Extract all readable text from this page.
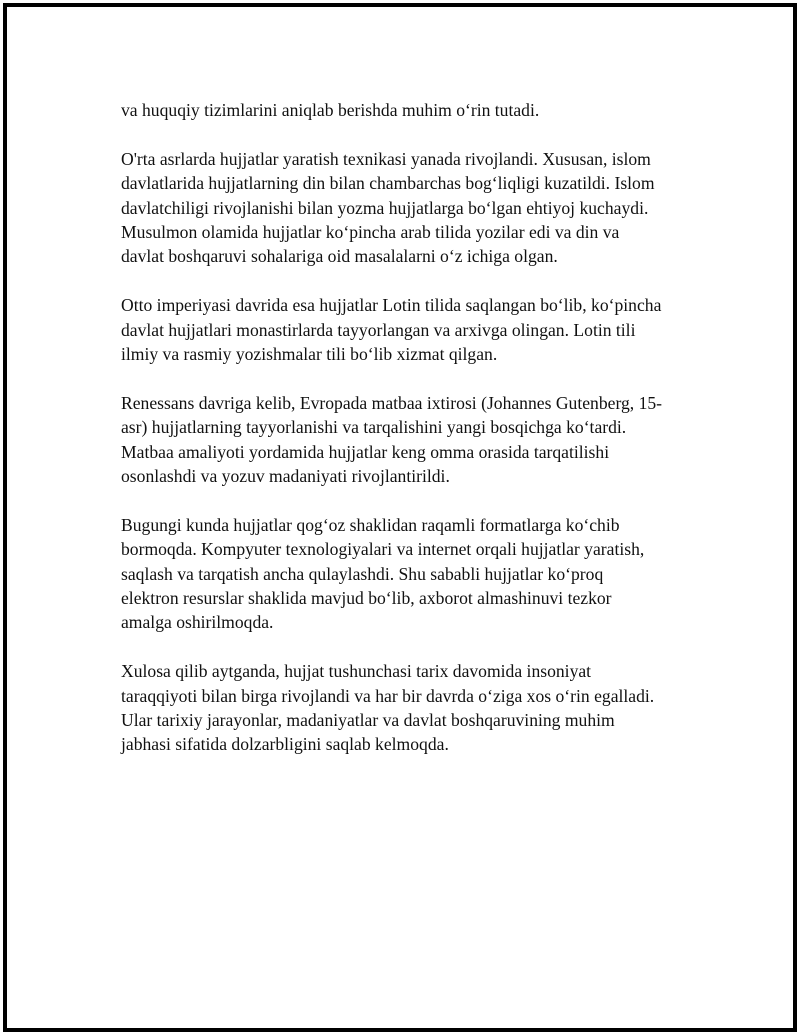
va huquqiy tizimlarini aniqlab berishda muhim o‘rin tutadi.

O'rta asrlarda hujjatlar yaratish texnikasi yanada rivojlandi. Xususan, islom
davlatlarida hujjatlarning din bilan chambarchas bog‘liqligi kuzatildi. Islom
davlatchiligi rivojlanishi bilan yozma hujjatlarga bo‘lgan ehtiyoj kuchaydi.
Musulmon olamida hujjatlar ko‘pincha arab tilida yozilar edi va din va
davlat boshqaruvi sohalariga oid masalalarni o‘z ichiga olgan.

Otto imperiyasi davrida esa hujjatlar Lotin tilida saqlangan bo‘lib, ko‘pincha
davlat hujjatlari monastirlarda tayyorlangan va arxivga olingan. Lotin tili
ilmiy va rasmiy yozishmalar tili bo‘lib xizmat qilgan.

Renessans davriga kelib, Evropada matbaa ixtirosi (Johannes Gutenberg, 15-
asr) hujjatlarning tayyorlanishi va tarqalishini yangi bosqichga ko‘tardi.
Matbaa amaliyoti yordamida hujjatlar keng omma orasida tarqatilishi
osonlashdi va yozuv madaniyati rivojlantirildi.

Bugungi kunda hujjatlar qog‘oz shaklidan raqamli formatlarga ko‘chib
bormoqda. Kompyuter texnologiyalari va internet orqali hujjatlar yaratish,
saqlash va tarqatish ancha qulaylashdi. Shu sababli hujjatlar ko‘proq
elektron resurslar shaklida mavjud bo‘lib, axborot almashinuvi tezkor
amalga oshirilmoqda.

Xulosa qilib aytganda, hujjat tushunchasi tarix davomida insoniyat
taraqqiyoti bilan birga rivojlandi va har bir davrda o‘ziga xos o‘rin egalladi.
Ular tarixiy jarayonlar, madaniyatlar va davlat boshqaruvining muhim
jabhasi sifatida dolzarbligini saqlab kelmoqda.
